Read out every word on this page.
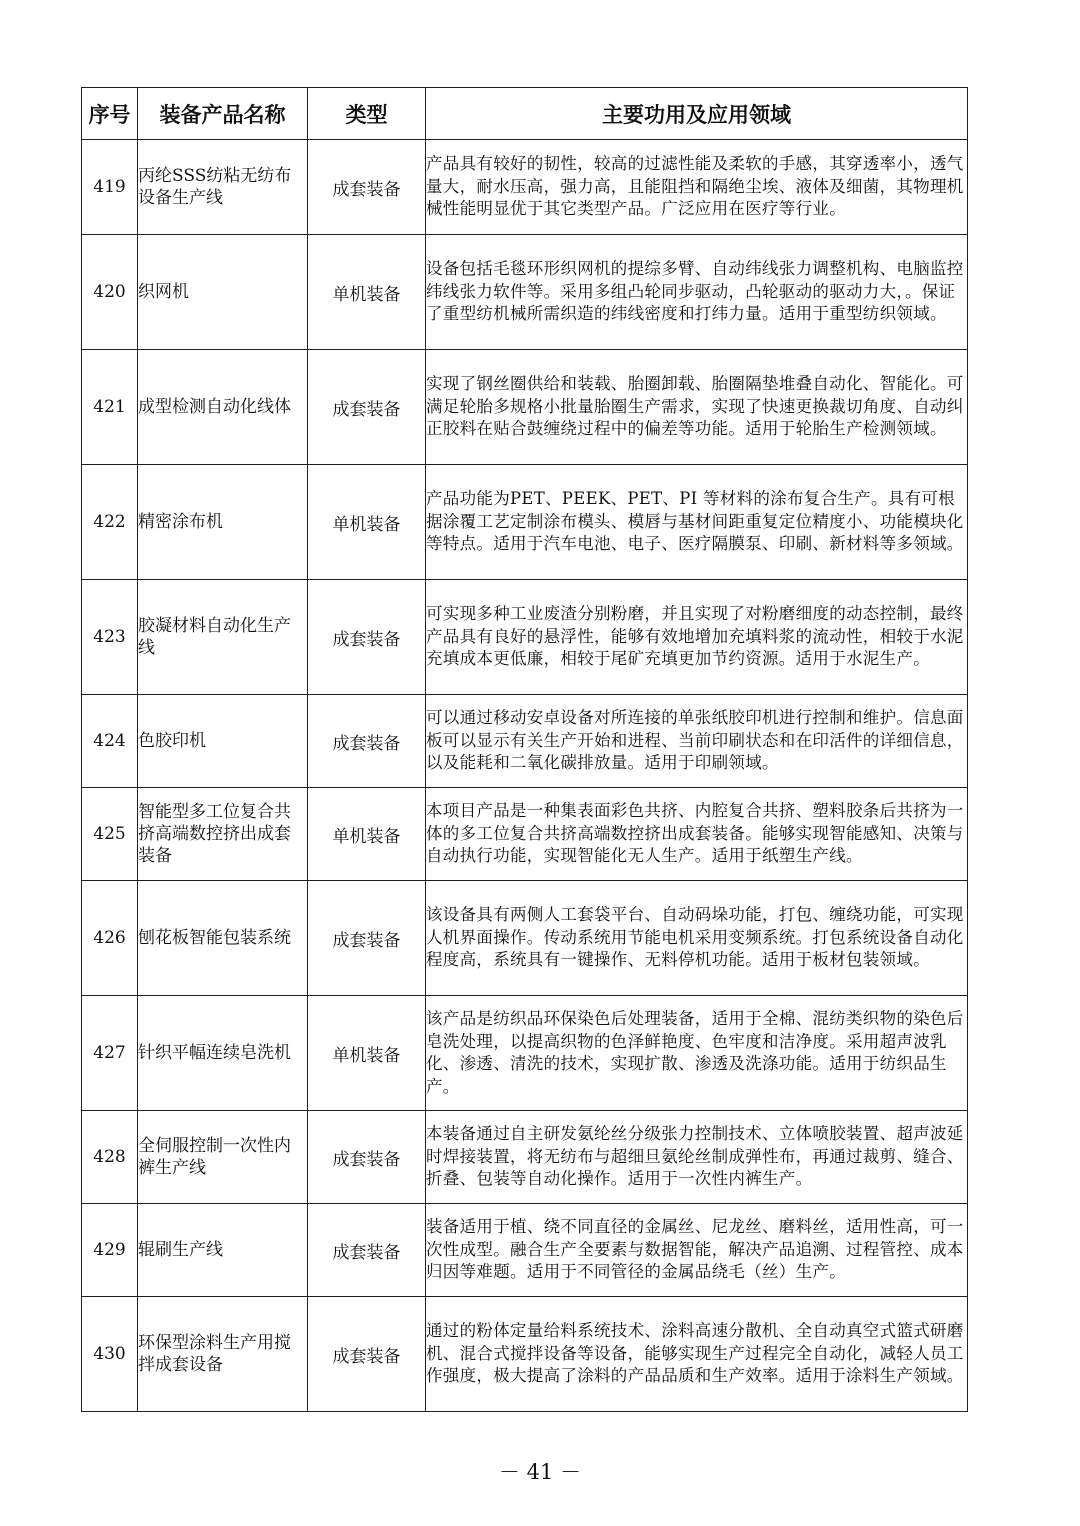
序号	装备产品名称	类型	主要功用及应用领域
419	丙纶SSS纺粘无纺布设备生产线	成套装备	产品具有较好的韧性，较高的过滤性能及柔软的手感，其穿透率小，透气量大，耐水压高，强力高，且能阻挡和隔绝尘埃、液体及细菌，其物理机械性能明显优于其它类型产品。广泛应用在医疗等行业。
420	织网机	单机装备	设备包括毛毯环形织网机的提综多臂、自动纬线张力调整机构、电脑监控纬线张力软件等。采用多组凸轮同步驱动，凸轮驱动的驱动力大，。保证了重型纺机械所需织造的纬线密度和打纬力量。适用于重型纺织领域。
421	成型检测自动化线体	成套装备	实现了钢丝圈供给和装载、胎圈卸载、胎圈隔垫堆叠自动化、智能化。可满足轮胎多规格小批量胎圈生产需求，实现了快速更换裁切角度、自动纠正胶料在贴合鼓缠绕过程中的偏差等功能。适用于轮胎生产检测领域。
422	精密涂布机	单机装备	产品功能为PET、PEEK、PET、PI 等材料的涂布复合生产。具有可根据涂覆工艺定制涂布模头、模唇与基材间距重复定位精度小、功能模块化等特点。适用于汽车电池、电子、医疗隔膜泵、印刷、新材料等多领域。
423	胶凝材料自动化生产线	成套装备	可实现多种工业废渣分别粉磨，并且实现了对粉磨细度的动态控制，最终产品具有良好的悬浮性，能够有效地增加充填料浆的流动性，相较于水泥充填成本更低廉，相较于尾矿充填更加节约资源。适用于水泥生产。
424	色胶印机	成套装备	可以通过移动安卓设备对所连接的单张纸胶印机进行控制和维护。信息面板可以显示有关生产开始和进程、当前印刷状态和在印活件的详细信息，以及能耗和二氧化碳排放量。适用于印刷领域。
425	智能型多工位复合共挤高端数控挤出成套装备	单机装备	本项目产品是一种集表面彩色共挤、内腔复合共挤、塑料胶条后共挤为一体的多工位复合共挤高端数控挤出成套装备。能够实现智能感知、决策与自动执行功能，实现智能化无人生产。适用于纸塑生产线。
426	刨花板智能包装系统	成套装备	该设备具有两侧人工套袋平台、自动码垛功能，打包、缠绕功能，可实现人机界面操作。传动系统用节能电机采用变频系统。打包系统设备自动化程度高，系统具有一键操作、无料停机功能。适用于板材包装领域。
427	针织平幅连续皂洗机	单机装备	该产品是纺织品环保染色后处理装备，适用于全棉、混纺类织物的染色后皂洗处理，以提高织物的色泽鲜艳度、色牢度和洁净度。采用超声波乳化、渗透、清洗的技术，实现扩散、渗透及洗涤功能。适用于纺织品生产。
428	全伺服控制一次性内裤生产线	成套装备	本装备通过自主研发氨纶丝分级张力控制技术、立体喷胶装置、超声波延时焊接装置，将无纺布与超细旦氨纶丝制成弹性布，再通过裁剪、缝合、折叠、包装等自动化操作。适用于一次性内裤生产。
429	辊刷生产线	成套装备	装备适用于植、绕不同直径的金属丝、尼龙丝、磨料丝，适用性高，可一次性成型。融合生产全要素与数据智能，解决产品追溯、过程管控、成本归因等难题。适用于不同管径的金属品绕毛（丝）生产。
430	环保型涂料生产用搅拌成套设备	成套装备	通过的粉体定量给料系统技术、涂料高速分散机、全自动真空式篮式研磨机、混合式搅拌设备等设备，能够实现生产过程完全自动化，减轻人员工作强度，极大提高了涂料的产品品质和生产效率。适用于涂料生产领域。
－ 41 －
